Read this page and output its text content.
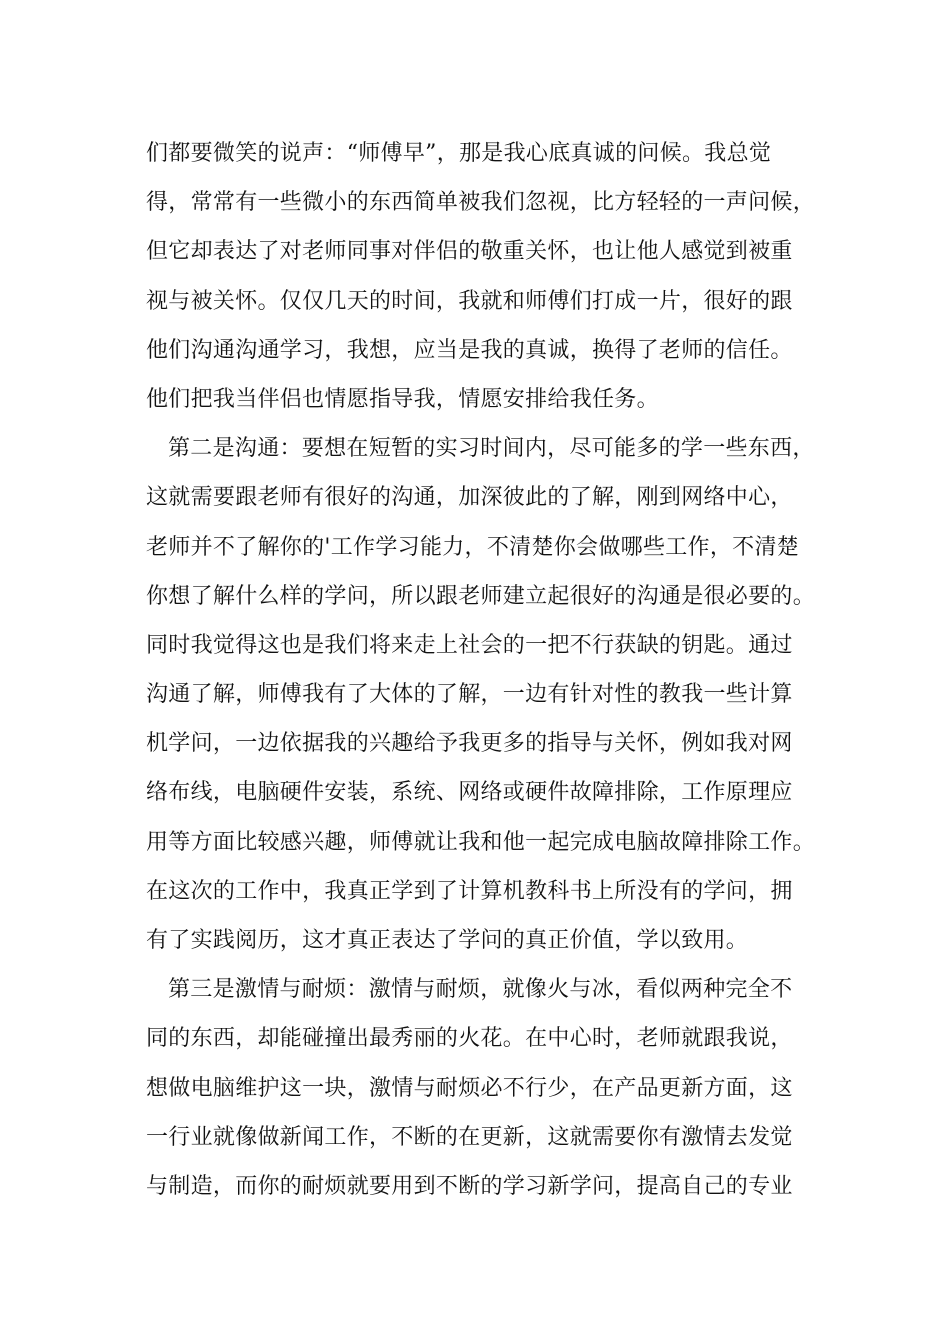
们都要微笑的说声：“师傅早”，那是我心底真诚的问候。我总觉
得，常常有一些微小的东西简单被我们忽视，比方轻轻的一声问候，
但它却表达了对老师同事对伴侣的敬重关怀，也让他人感觉到被重
视与被关怀。仅仅几天的时间，我就和师傅们打成一片，很好的跟
他们沟通沟通学习，我想，应当是我的真诚，换得了老师的信任。
他们把我当伴侣也情愿指导我，情愿安排给我任务。
第二是沟通：要想在短暂的实习时间内，尽可能多的学一些东西，
这就需要跟老师有很好的沟通，加深彼此的了解，刚到网络中心，
老师并不了解你的'工作学习能力，不清楚你会做哪些工作，不清楚
你想了解什么样的学问，所以跟老师建立起很好的沟通是很必要的。
同时我觉得这也是我们将来走上社会的一把不行获缺的钥匙。通过
沟通了解，师傅我有了大体的了解，一边有针对性的教我一些计算
机学问，一边依据我的兴趣给予我更多的指导与关怀，例如我对网
络布线，电脑硬件安装，系统、网络或硬件故障排除，工作原理应
用等方面比较感兴趣，师傅就让我和他一起完成电脑故障排除工作。
在这次的工作中，我真正学到了计算机教科书上所没有的学问，拥
有了实践阅历，这才真正表达了学问的真正价值，学以致用。
第三是激情与耐烦：激情与耐烦，就像火与冰，看似两种完全不
同的东西，却能碰撞出最秀丽的火花。在中心时，老师就跟我说，
想做电脑维护这一块，激情与耐烦必不行少，在产品更新方面，这
一行业就像做新闻工作，不断的在更新，这就需要你有激情去发觉
与制造，而你的耐烦就要用到不断的学习新学问，提高自己的专业
